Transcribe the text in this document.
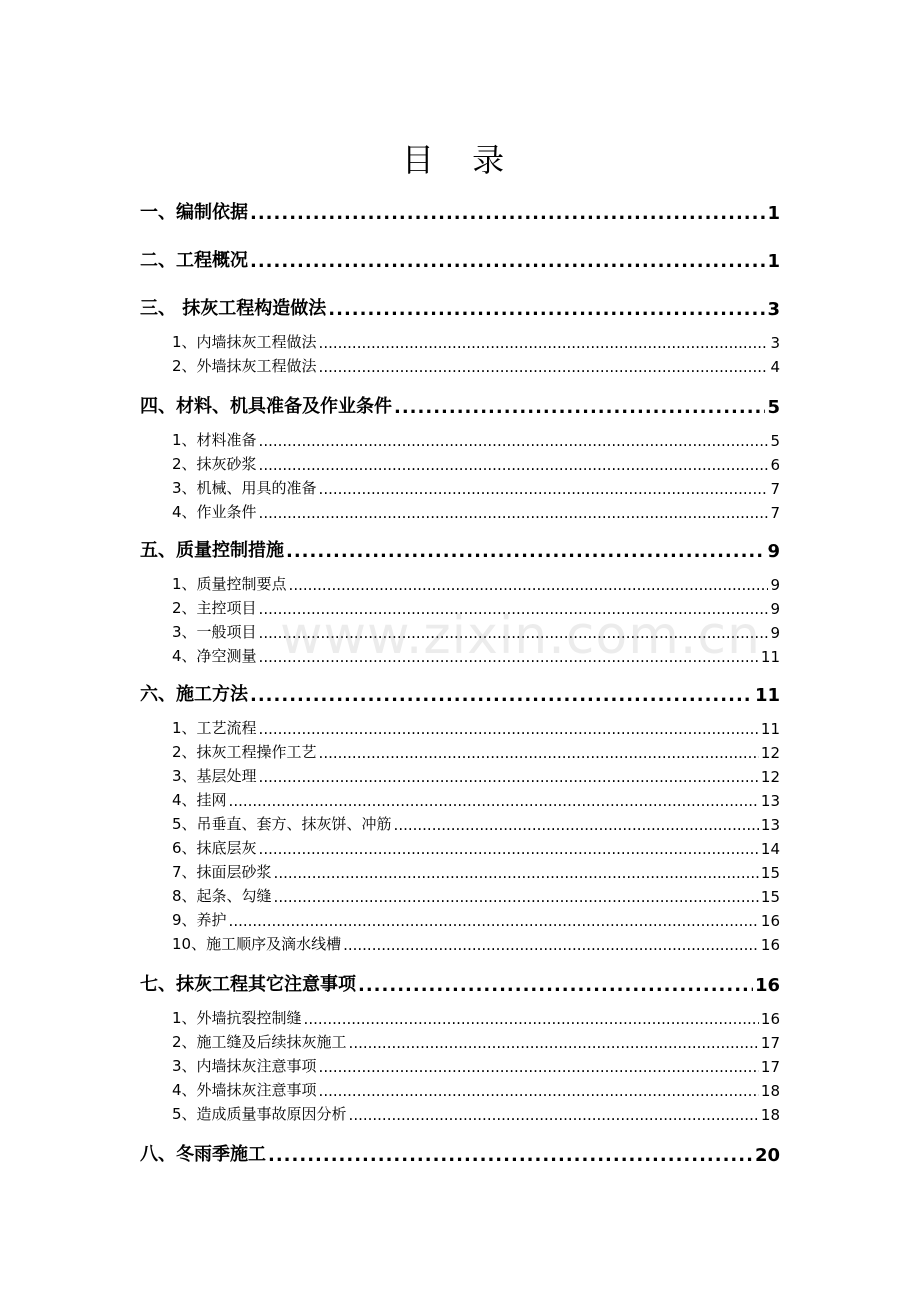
目 录
一、编制依据 .....	1
二、工程概况 .....	1
三、 抹灰工程构造做法 .....	3
1、内墙抹灰工程做法 .....	3
2、外墙抹灰工程做法 .....	4
四、材料、机具准备及作业条件 .....	5
1、材料准备 .....	5
2、抹灰砂浆 .....	6
3、机械、用具的准备 .....	7
4、作业条件 .....	7
五、质量控制措施 .....	9
1、质量控制要点 .....	9
2、主控项目 .....	9
3、一般项目 .....	9
4、净空测量 .....	11
六、施工方法 .....	11
1、工艺流程 .....	11
2、抹灰工程操作工艺 .....	12
3、基层处理 .....	12
4、挂网 .....	13
5、吊垂直、套方、抹灰饼、冲筋 .....	13
6、抹底层灰 .....	14
7、抹面层砂浆 .....	15
8、起条、勾缝 .....	15
9、养护 .....	16
10、施工顺序及滴水线槽 .....	16
七、抹灰工程其它注意事项 .....	16
1、外墙抗裂控制缝 .....	16
2、施工缝及后续抹灰施工 .....	17
3、内墙抹灰注意事项 .....	17
4、外墙抹灰注意事项 .....	18
5、造成质量事故原因分析 .....	18
八、冬雨季施工 .....	20
www.zixin.com.cn
